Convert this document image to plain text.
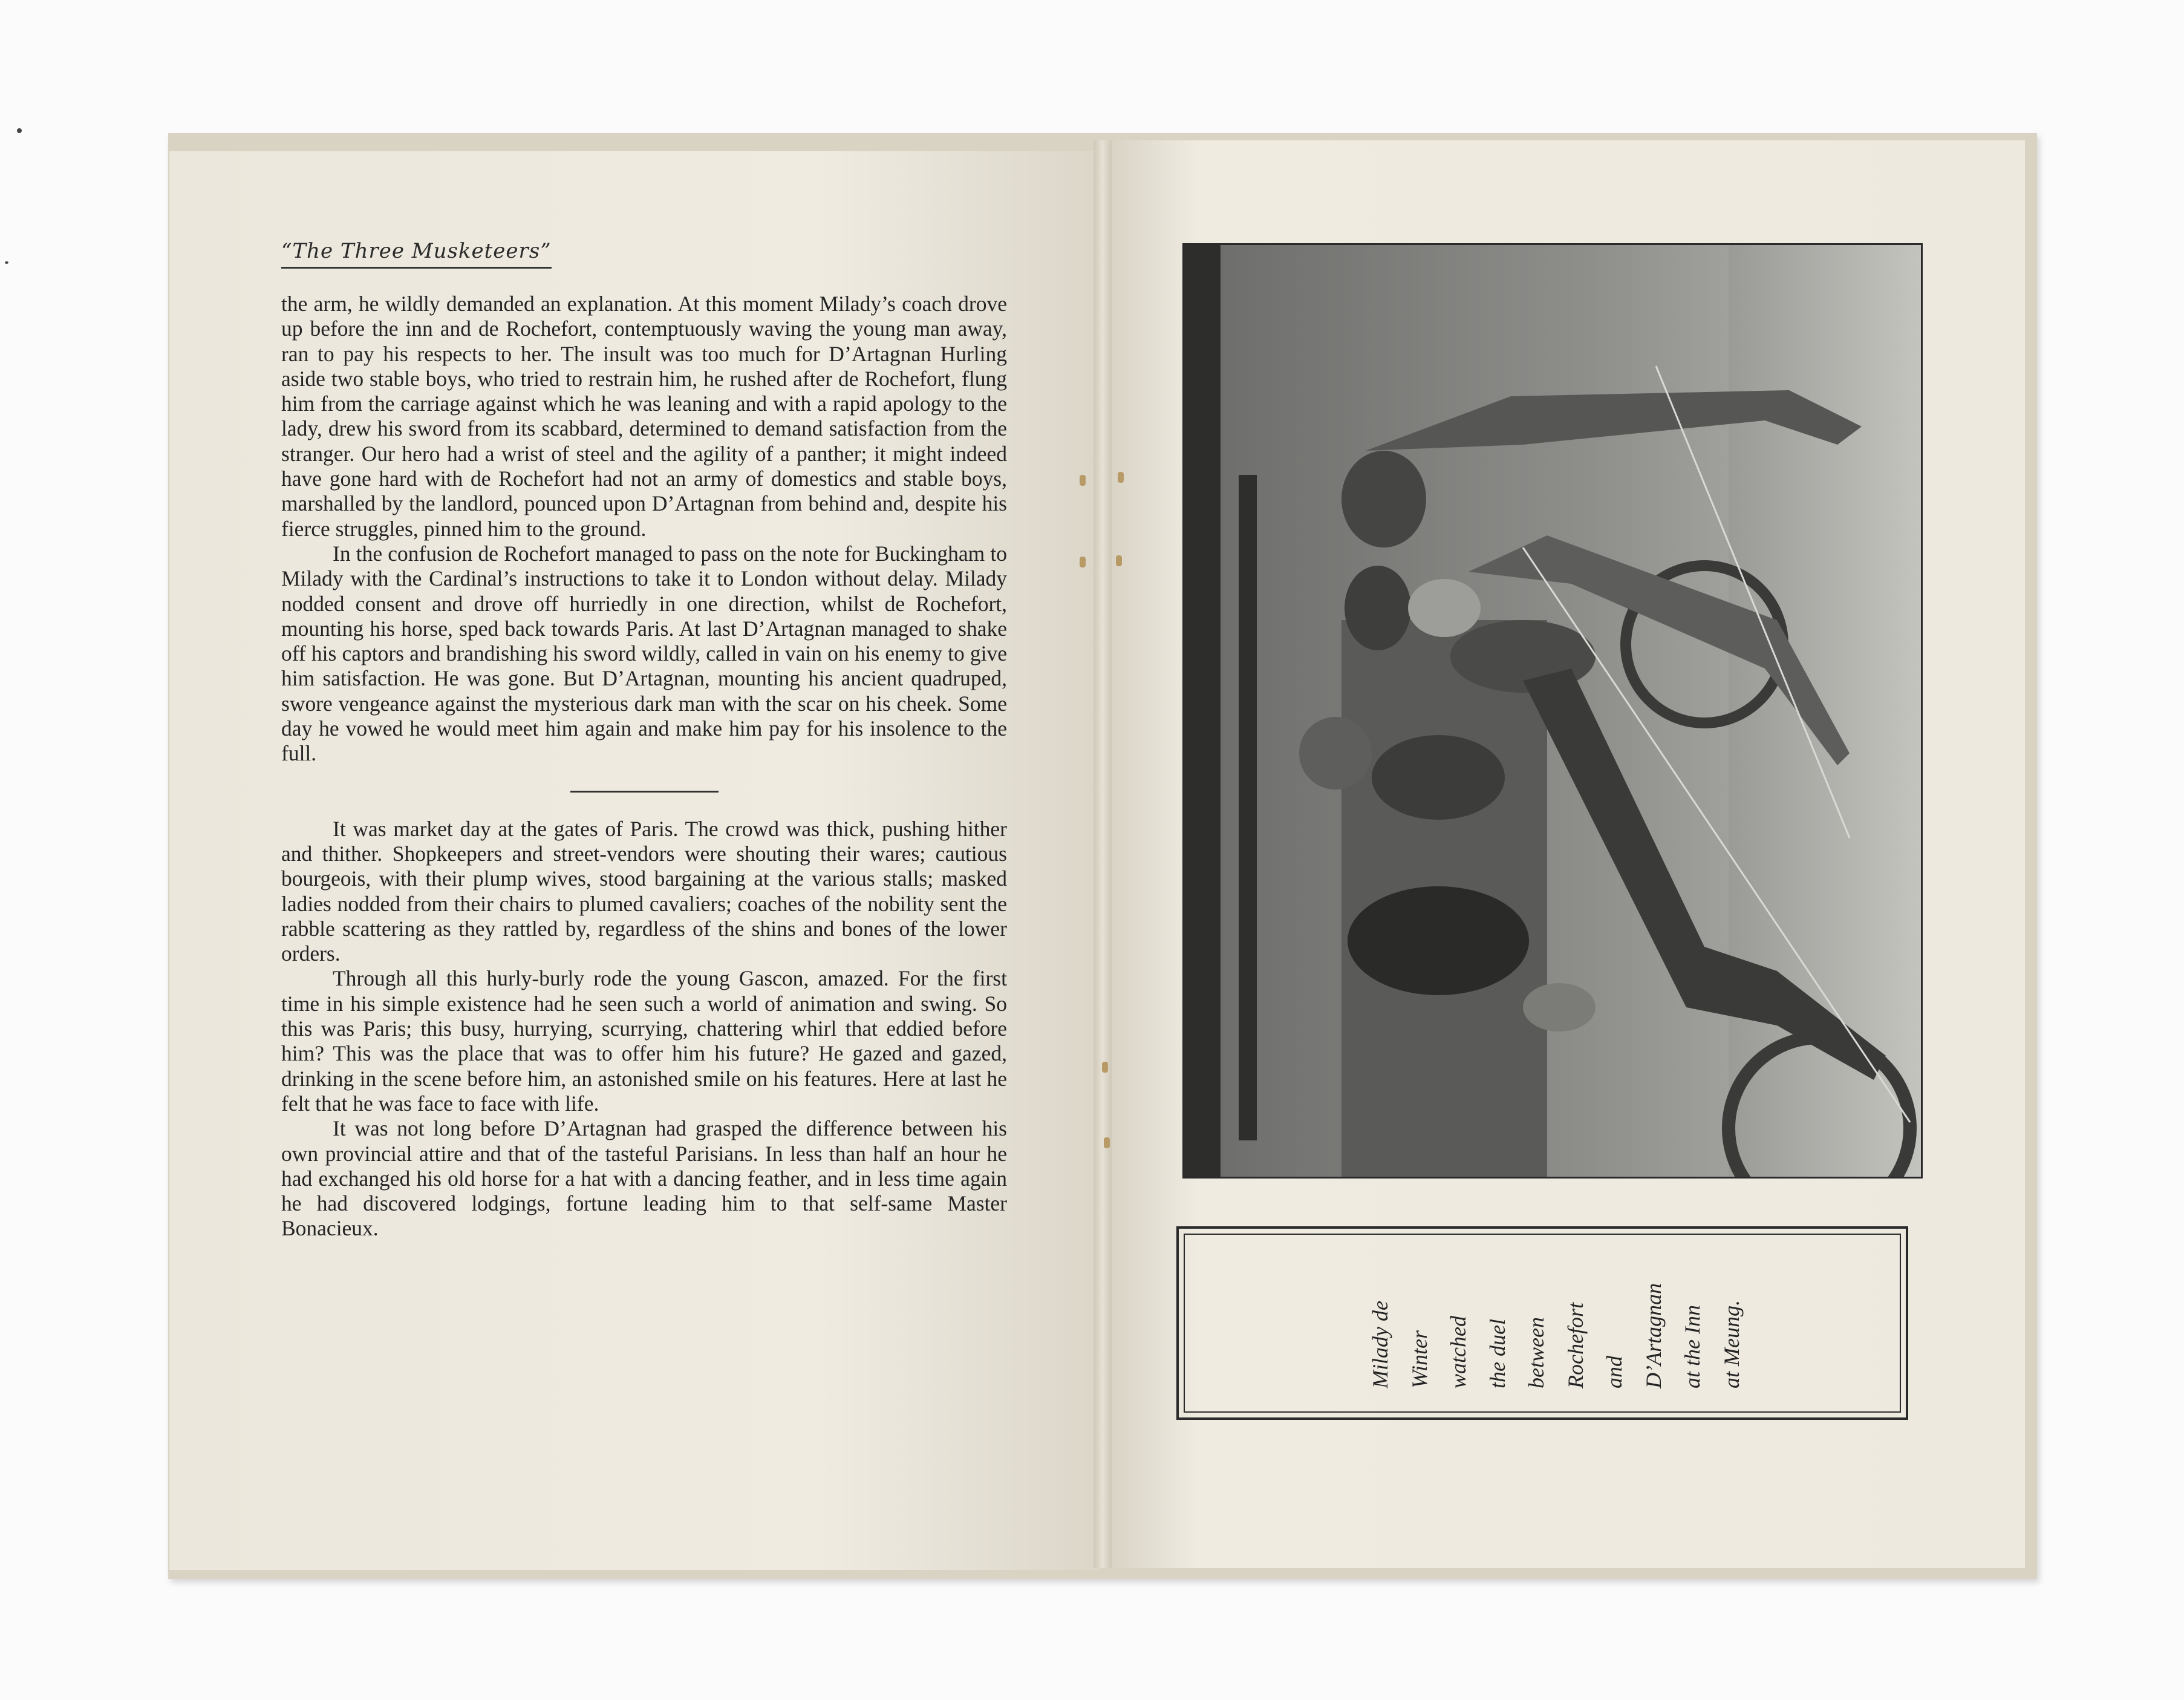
“The Three Musketeers”

the arm, he wildly demanded an explanation. At this moment Milady’s coach drove up before the inn and de Rochefort, contemptuously waving the young man away, ran to pay his respects to her. The insult was too much for D’Artagnan Hurling aside two stable boys, who tried to restrain him, he rushed after de Rochefort, flung him from the carriage against which he was leaning and with a rapid apology to the lady, drew his sword from its scabbard, determined to demand satisfaction from the stranger. Our hero had a wrist of steel and the agility of a panther; it might indeed have gone hard with de Rochefort had not an army of domestics and stable boys, marshalled by the landlord, pounced upon D’Artagnan from behind and, despite his fierce struggles, pinned him to the ground.

In the confusion de Rochefort managed to pass on the note for Buckingham to Milady with the Cardinal’s instructions to take it to London without delay. Milady nodded consent and drove off hurriedly in one direction, whilst de Rochefort, mounting his horse, sped back towards Paris. At last D’Artagnan managed to shake off his captors and brandishing his sword wildly, called in vain on his enemy to give him satisfaction. He was gone. But D’Artagnan, mounting his ancient quadruped, swore vengeance against the mysterious dark man with the scar on his cheek. Some day he vowed he would meet him again and make him pay for his insolence to the full.

It was market day at the gates of Paris. The crowd was thick, pushing hither and thither. Shopkeepers and street-vendors were shouting their wares; cautious bourgeois, with their plump wives, stood bargaining at the various stalls; masked ladies nodded from their chairs to plumed cavaliers; coaches of the nobility sent the rabble scattering as they rattled by, regardless of the shins and bones of the lower orders.

Through all this hurly-burly rode the young Gascon, amazed. For the first time in his simple existence had he seen such a world of animation and swing. So this was Paris; this busy, hurrying, scurrying, chattering whirl that eddied before him? This was the place that was to offer him his future? He gazed and gazed, drinking in the scene before him, an astonished smile on his features. Here at last he felt that he was face to face with life.

It was not long before D’Artagnan had grasped the difference between his own provincial attire and that of the tasteful Parisians. In less than half an hour he had exchanged his old horse for a hat with a dancing feather, and in less time again he had discovered lodgings, fortune leading him to that self-same Master Bonacieux.

Milady de Winter watched the duel between Rochefort and D’Artagnan at the Inn at Meung.
